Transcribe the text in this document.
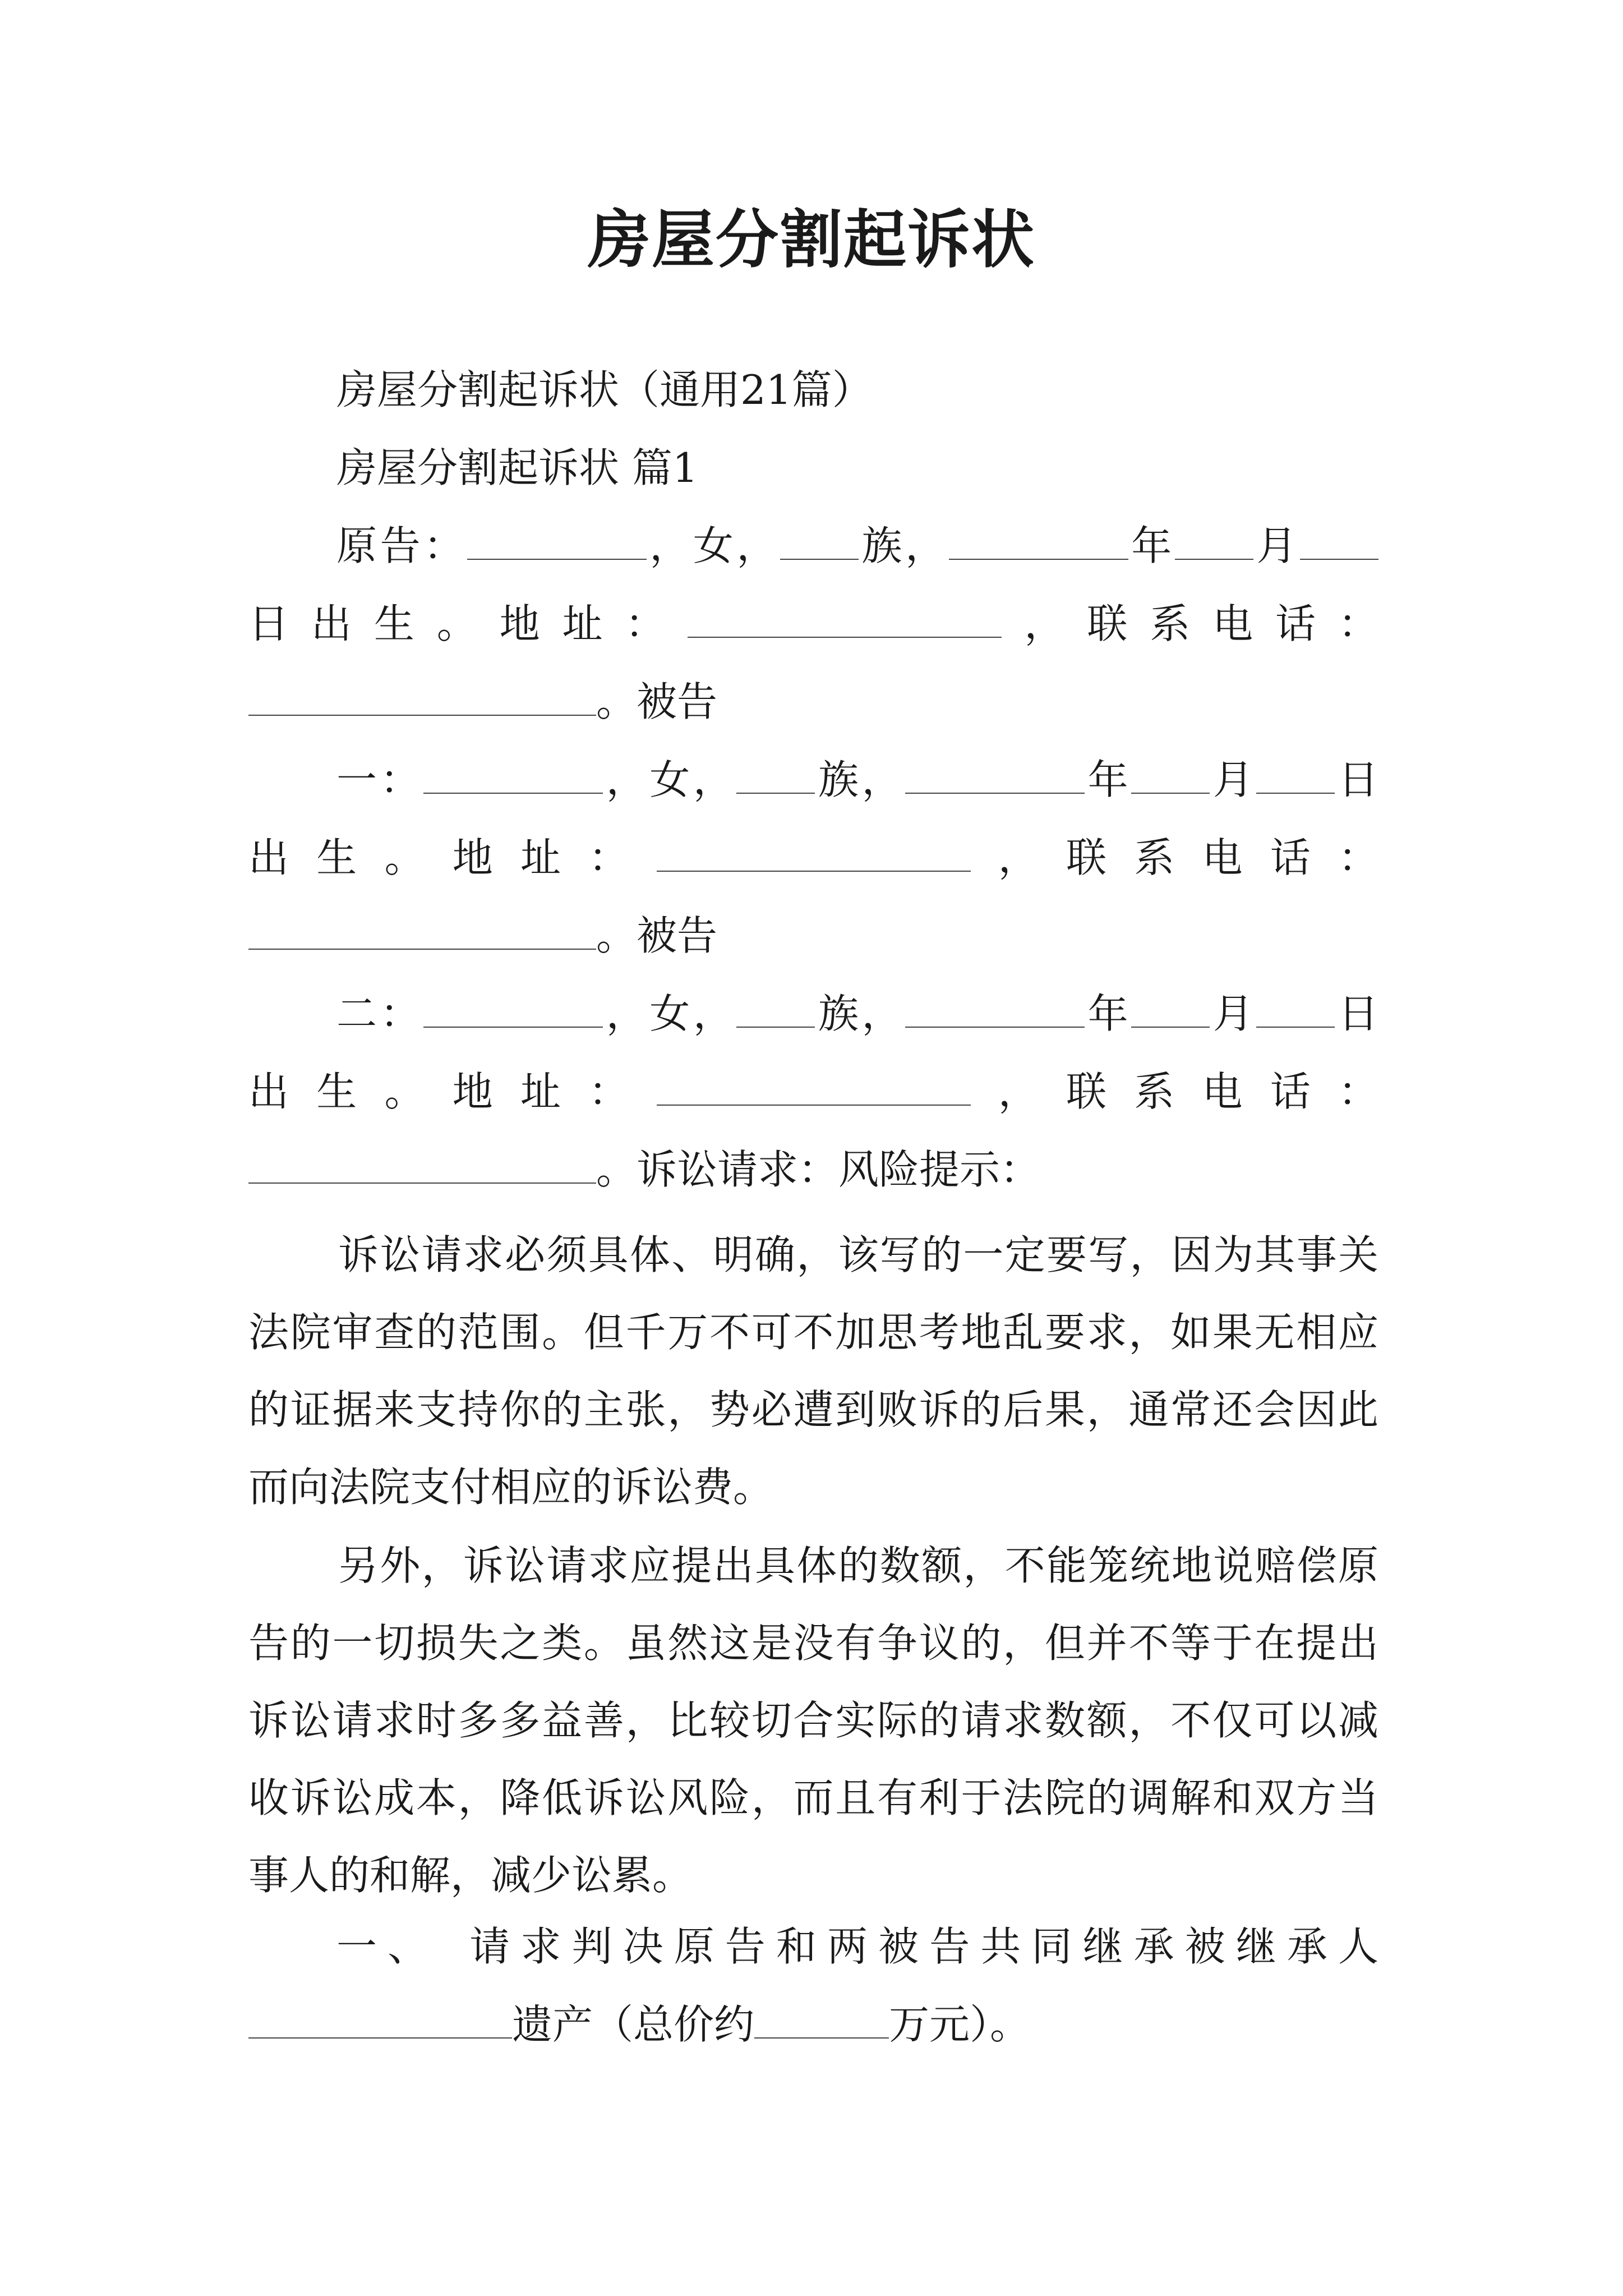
房屋分割起诉状
房屋分割起诉状（通用21篇）
房屋分割起诉状 篇1
原告：	，女， 族，	年 月
日出生。地址：	，联系电话：
。被告
一：	，女， 族，	年 月 日
出生。地址：	，联系电话：
。被告
二：	，女， 族，	年 月 日
出生。地址：	，联系电话：
。诉讼请求：风险提示：
诉讼请求必须具体、明确，该写的一定要写，因为其事关法院审查的范围。但千万不可不加思考地乱要求，如果无相应的证据来支持你的主张，势必遭到败诉的后果，通常还会因此而向法院支付相应的诉讼费。
另外，诉讼请求应提出具体的数额，不能笼统地说赔偿原告的一切损失之类。虽然这是没有争议的，但并不等于在提出诉讼请求时多多益善，比较切合实际的请求数额，不仅可以减收诉讼成本，降低诉讼风险，而且有利于法院的调解和双方当事人的和解，减少讼累。
一、　请求判决原告和两被告共同继承被继承人
遗产（总价约	万元）。
